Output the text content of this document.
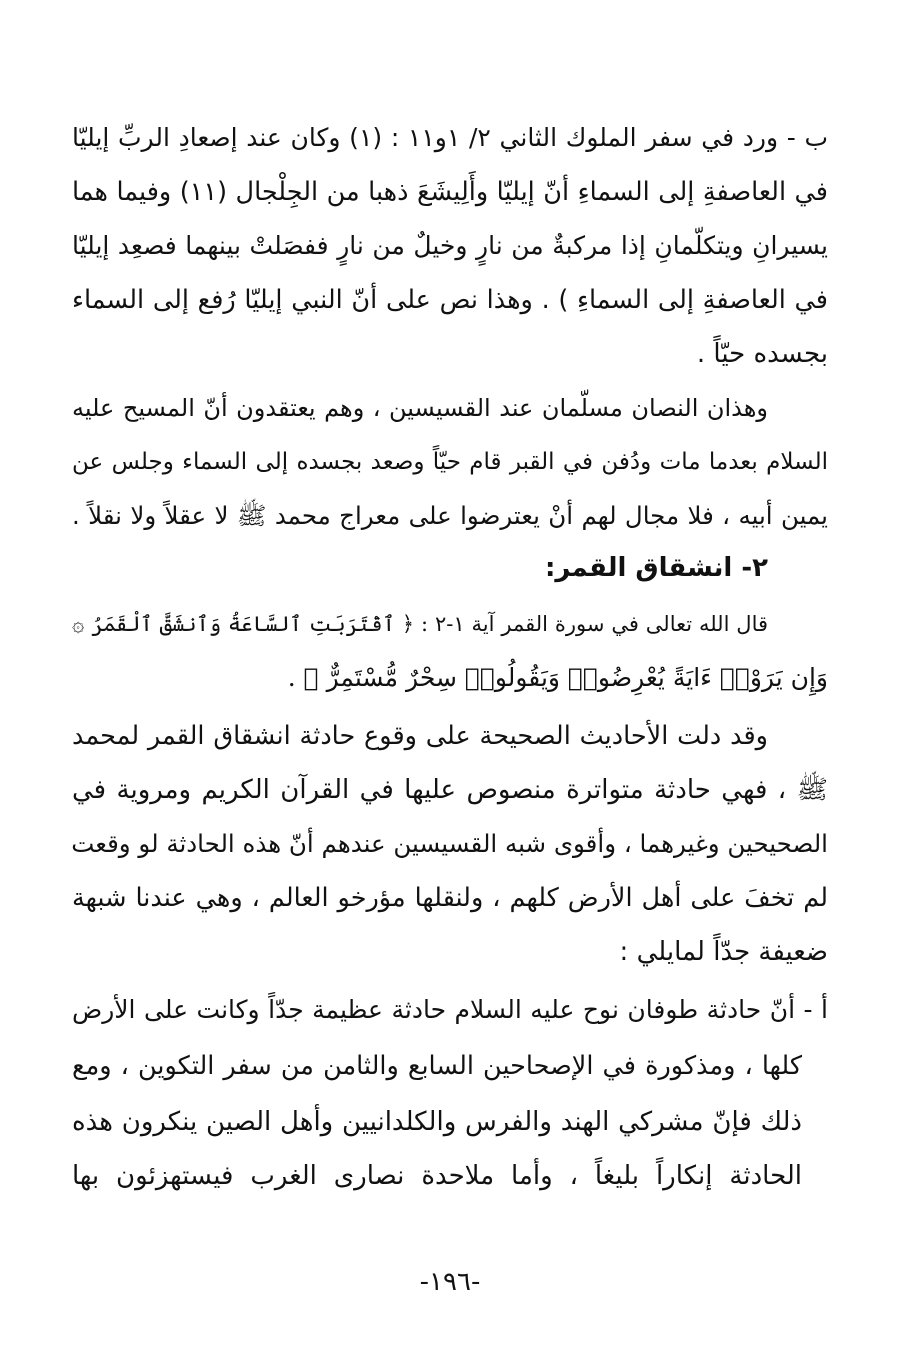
ب - ورد في سفر الملوك الثاني ٢/ ١و١١ : (١) وكان عند إصعادِ الربِّ إيليّا
في العاصفةِ إلى السماءِ أنّ إيليّا وأَلِيشَعَ ذهبا من الجِلْجال (١١) وفيما هما
يسيرانِ ويتكلّمانِ إذا مركبةٌ من نارٍ وخيلٌ من نارٍ ففصَلتْ بينهما فصعِد إيليّا
في العاصفةِ إلى السماءِ ) . وهذا نص على أنّ النبي إيليّا رُفع إلى السماء
بجسده حيّاً .
وهذان النصان مسلّمان عند القسيسين ، وهم يعتقدون أنّ المسيح عليه
السلام بعدما مات ودُفن في القبر قام حيّاً وصعد بجسده إلى السماء وجلس عن
يمين أبيه ، فلا مجال لهم أنْ يعترضوا على معراج محمد ﷺ لا عقلاً ولا نقلاً .
٢- انشقاق القمر:
قال الله تعالى في سورة القمر آية ١-٢ : ﴿ ٱقْتَرَبَتِ ٱلسَّاعَةُ وَٱنشَقَّ ٱلْقَمَرُ ۞
وَإِن يَرَوْا۟ ءَايَةً يُعْرِضُوا۟ وَيَقُولُوا۟ سِحْرٌ مُّسْتَمِرٌّ ﴾ .
وقد دلت الأحاديث الصحيحة على وقوع حادثة انشقاق القمر لمحمد
ﷺ ، فهي حادثة متواترة منصوص عليها في القرآن الكريم ومروية في
الصحيحين وغيرهما ، وأقوى شبه القسيسين عندهم أنّ هذه الحادثة لو وقعت
لم تخفَ على أهل الأرض كلهم ، ولنقلها مؤرخو العالم ، وهي عندنا شبهة
ضعيفة جدّاً لمايلي :
أ - أنّ حادثة طوفان نوح عليه السلام حادثة عظيمة جدّاً وكانت على الأرض
كلها ، ومذكورة في الإصحاحين السابع والثامن من سفر التكوين ، ومع
ذلك فإنّ مشركي الهند والفرس والكلدانيين وأهل الصين ينكرون هذه
الحادثة إنكاراً بليغاً ، وأما ملاحدة نصارى الغرب فيستهزئون بها
-١٩٦-
